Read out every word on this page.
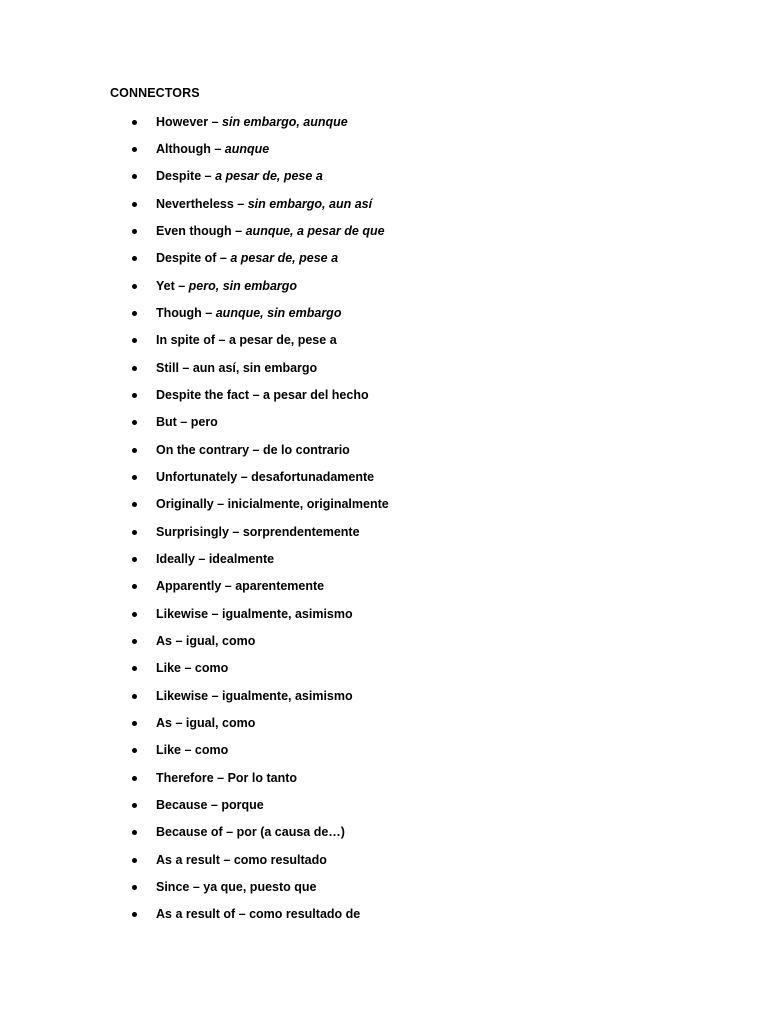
CONNECTORS
However – sin embargo, aunque
Although – aunque
Despite – a pesar de, pese a
Nevertheless – sin embargo, aun así
Even though – aunque, a pesar de que
Despite of – a pesar de, pese a
Yet – pero, sin embargo
Though – aunque, sin embargo
In spite of – a pesar de, pese a
Still – aun así, sin embargo
Despite the fact – a pesar del hecho
But – pero
On the contrary – de lo contrario
Unfortunately – desafortunadamente
Originally – inicialmente, originalmente
Surprisingly – sorprendentemente
Ideally – idealmente
Apparently – aparentemente
Likewise – igualmente, asimismo
As – igual, como
Like – como
Likewise – igualmente, asimismo
As – igual, como
Like – como
Therefore – Por lo tanto
Because – porque
Because of – por (a causa de…)
As a result – como resultado
Since – ya que, puesto que
As a result of – como resultado de
